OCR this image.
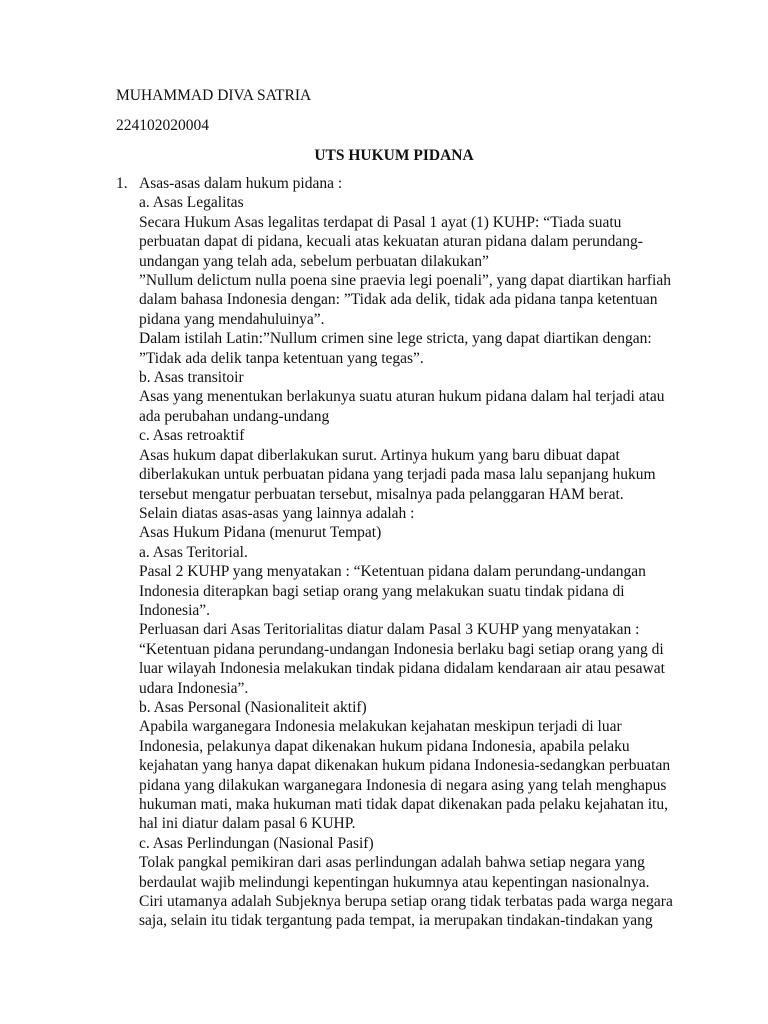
MUHAMMAD DIVA SATRIA
224102020004
UTS HUKUM PIDANA
1. Asas-asas dalam hukum pidana :
a. Asas Legalitas
Secara Hukum Asas legalitas terdapat di Pasal 1 ayat (1) KUHP: “Tiada suatu
perbuatan dapat di pidana, kecuali atas kekuatan aturan pidana dalam perundang-
undangan yang telah ada, sebelum perbuatan dilakukan”
”Nullum delictum nulla poena sine praevia legi poenali”, yang dapat diartikan harfiah
dalam bahasa Indonesia dengan: ”Tidak ada delik, tidak ada pidana tanpa ketentuan
pidana yang mendahuluinya”.
Dalam istilah Latin:”Nullum crimen sine lege stricta, yang dapat diartikan dengan:
”Tidak ada delik tanpa ketentuan yang tegas”.
b. Asas transitoir
Asas yang menentukan berlakunya suatu aturan hukum pidana dalam hal terjadi atau
ada perubahan undang-undang
c. Asas retroaktif
Asas hukum dapat diberlakukan surut. Artinya hukum yang baru dibuat dapat
diberlakukan untuk perbuatan pidana yang terjadi pada masa lalu sepanjang hukum
tersebut mengatur perbuatan tersebut, misalnya pada pelanggaran HAM berat.
Selain diatas asas-asas yang lainnya adalah :
Asas Hukum Pidana (menurut Tempat)
a. Asas Teritorial.
Pasal 2 KUHP yang menyatakan : “Ketentuan pidana dalam perundang-undangan
Indonesia diterapkan bagi setiap orang yang melakukan suatu tindak pidana di
Indonesia”.
Perluasan dari Asas Teritorialitas diatur dalam Pasal 3 KUHP yang menyatakan :
“Ketentuan pidana perundang-undangan Indonesia berlaku bagi setiap orang yang di
luar wilayah Indonesia melakukan tindak pidana didalam kendaraan air atau pesawat
udara Indonesia”.
b. Asas Personal (Nasionaliteit aktif)
Apabila warganegara Indonesia melakukan kejahatan meskipun terjadi di luar
Indonesia, pelakunya dapat dikenakan hukum pidana Indonesia, apabila pelaku
kejahatan yang hanya dapat dikenakan hukum pidana Indonesia-sedangkan perbuatan
pidana yang dilakukan warganegara Indonesia di negara asing yang telah menghapus
hukuman mati, maka hukuman mati tidak dapat dikenakan pada pelaku kejahatan itu,
hal ini diatur dalam pasal 6 KUHP.
c. Asas Perlindungan (Nasional Pasif)
Tolak pangkal pemikiran dari asas perlindungan adalah bahwa setiap negara yang
berdaulat wajib melindungi kepentingan hukumnya atau kepentingan nasionalnya.
Ciri utamanya adalah Subjeknya berupa setiap orang tidak terbatas pada warga negara
saja, selain itu tidak tergantung pada tempat, ia merupakan tindakan-tindakan yang
